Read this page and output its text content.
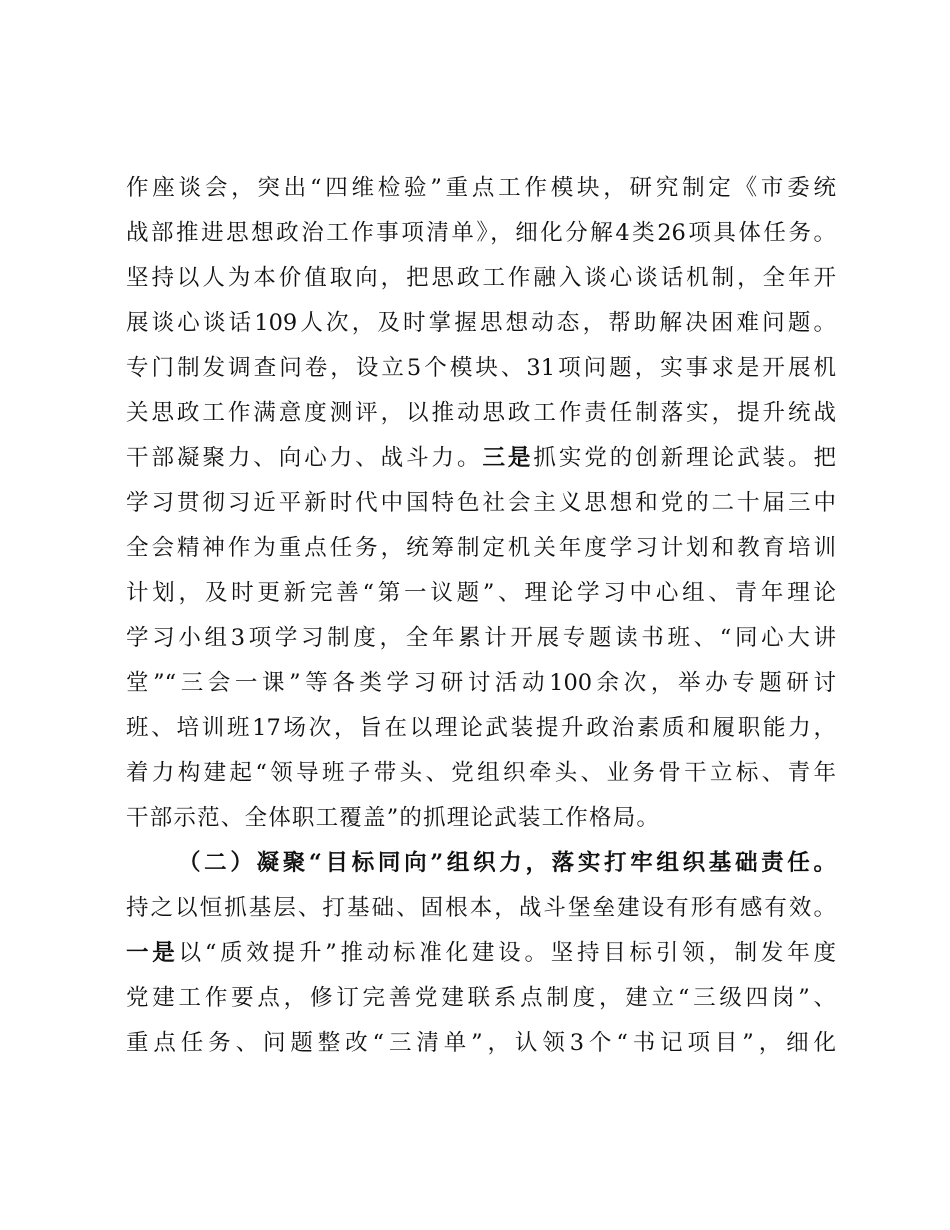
作座谈会，突出“四维检验”重点工作模块，研究制定《市委统
战部推进思想政治工作事项清单》，细化分解4类26项具体任务。
坚持以人为本价值取向，把思政工作融入谈心谈话机制，全年开
展谈心谈话109人次，及时掌握思想动态，帮助解决困难问题。
专门制发调查问卷，设立5个模块、31项问题，实事求是开展机
关思政工作满意度测评，以推动思政工作责任制落实，提升统战
干部凝聚力、向心力、战斗力。三是抓实党的创新理论武装。把
学习贯彻习近平新时代中国特色社会主义思想和党的二十届三中
全会精神作为重点任务，统筹制定机关年度学习计划和教育培训
计划，及时更新完善“第一议题”、理论学习中心组、青年理论
学习小组3项学习制度，全年累计开展专题读书班、“同心大讲
堂”“三会一课”等各类学习研讨活动100余次，举办专题研讨
班、培训班17场次，旨在以理论武装提升政治素质和履职能力，
着力构建起“领导班子带头、党组织牵头、业务骨干立标、青年
干部示范、全体职工覆盖”的抓理论武装工作格局。
（二）凝聚“目标同向”组织力，落实打牢组织基础责任。
持之以恒抓基层、打基础、固根本，战斗堡垒建设有形有感有效。
一是以“质效提升”推动标准化建设。坚持目标引领，制发年度
党建工作要点，修订完善党建联系点制度，建立“三级四岗”、
重点任务、问题整改“三清单”，认领3个“书记项目”，细化
